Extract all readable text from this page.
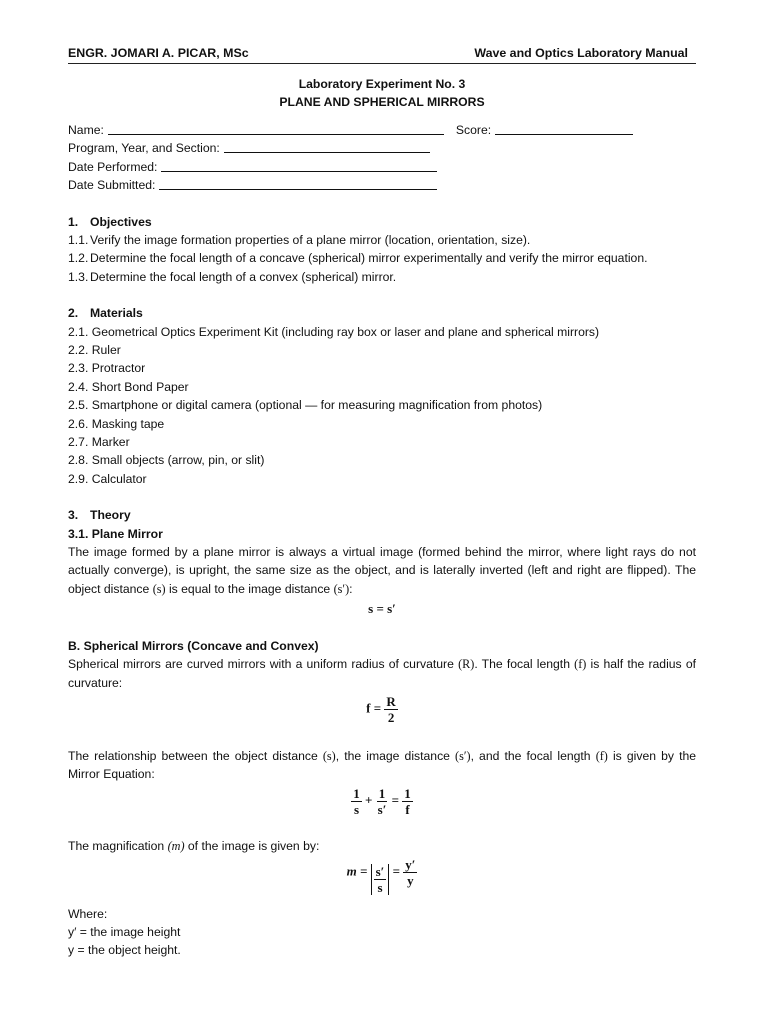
ENGR. JOMARI A. PICAR, MSc	Wave and Optics Laboratory Manual
Laboratory Experiment No. 3
PLANE AND SPHERICAL MIRRORS
Name:	Score:
Program, Year, and Section:
Date Performed:
Date Submitted:
1. Objectives
1.1. Verify the image formation properties of a plane mirror (location, orientation, size).
1.2. Determine the focal length of a concave (spherical) mirror experimentally and verify the mirror equation.
1.3. Determine the focal length of a convex (spherical) mirror.
2. Materials
2.1. Geometrical Optics Experiment Kit (including ray box or laser and plane and spherical mirrors)
2.2. Ruler
2.3. Protractor
2.4. Short Bond Paper
2.5. Smartphone or digital camera (optional — for measuring magnification from photos)
2.6. Masking tape
2.7. Marker
2.8. Small objects (arrow, pin, or slit)
2.9. Calculator
3. Theory
3.1. Plane Mirror

The image formed by a plane mirror is always a virtual image (formed behind the mirror, where light rays do not actually converge), is upright, the same size as the object, and is laterally inverted (left and right are flipped). The object distance (s) is equal to the image distance (s′):

s = s′
B. Spherical Mirrors (Concave and Convex)

Spherical mirrors are curved mirrors with a uniform radius of curvature (R). The focal length (f) is half the radius of curvature:

$f = \frac{R}{2}$

The relationship between the object distance (s), the image distance (s′), and the focal length (f) is given by the Mirror Equation:

$\frac{1}{s} + \frac{1}{s'} = \frac{1}{f}$

The magnification (m) of the image is given by:

$m = \frac{s'}{s} = \frac{y'}{y}$
Where:
y′ = the image height
y = the object height.
